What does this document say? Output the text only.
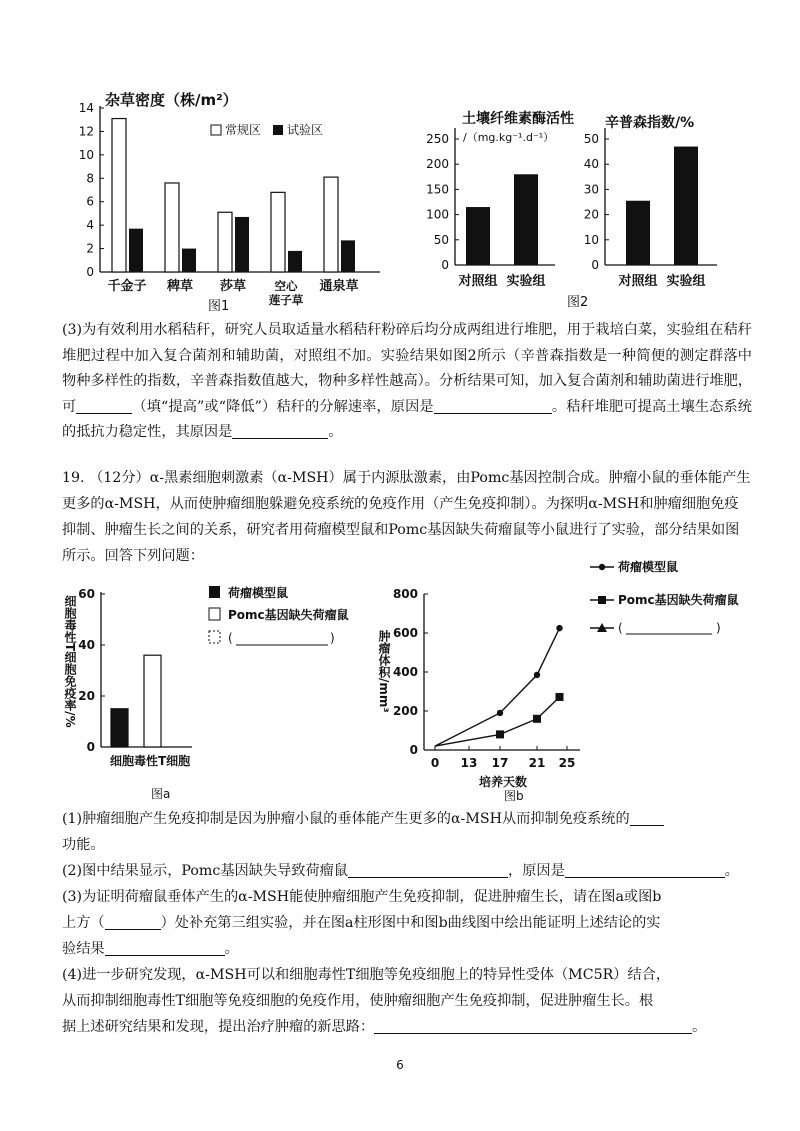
杂草密度（株/m²）
0
2
4
6
8
10
12
14
千金子 稗草 莎草 空心
莲子草
通泉草
常规区 试验区
图1
土壤纤维素酶活性
/（mg.kg⁻¹.d⁻¹）
0
50
100
150
200
250
对照组 实验组
辛普森指数/%
0
10
20
30
40
50
对照组 实验组
图2

(3)为有效利用水稻秸秆，研究人员取适量水稻秸秆粉碎后均分成两组进行堆肥，用于栽培白菜，实验组在秸秆堆肥过程中加入复合菌剂和辅助菌，对照组不加。实验结果如图2所示（辛普森指数是一种简便的测定群落中物种多样性的指数，辛普森指数值越大，物种多样性越高）。分析结果可知，加入复合菌剂和辅助菌进行堆肥，可	（填“提高”或“降低”）秸秆的分解速率，原因是	。秸秆堆肥可提高土壤生态系统的抵抗力稳定性，其原因是	。

19. （12分）α-黑素细胞刺激素（α-MSH）属于内源肽激素，由Pomc基因控制合成。肿瘤小鼠的垂体能产生更多的α-MSH，从而使肿瘤细胞躲避免疫系统的免疫作用（产生免疫抑制）。为探明α-MSH和肿瘤细胞免疫抑制、肿瘤生长之间的关系，研究者用荷瘤模型鼠和Pomc基因缺失荷瘤鼠等小鼠进行了实验，部分结果如图所示。回答下列问题：

细胞毒性T细胞免疫率/%
0
20
40
60
细胞毒性T细胞
图a
荷瘤模型鼠
Pomc基因缺失荷瘤鼠
(	)	肿瘤体积/mm³
0
200
400
600
800
0 13 17 21 25
培养天数
图b
荷瘤模型鼠
Pomc基因缺失荷瘤鼠
(	)

(1)肿瘤细胞产生免疫抑制是因为肿瘤小鼠的垂体能产生更多的α-MSH从而抑制免疫系统的

功能。

(2)图中结果显示，Pomc基因缺失导致荷瘤鼠	，原因是	。

(3)为证明荷瘤鼠垂体产生的α-MSH能使肿瘤细胞产生免疫抑制，促进肿瘤生长，请在图a或图b

上方（	）处补充第三组实验，并在图a柱形图中和图b曲线图中绘出能证明上述结论的实

验结果	。

(4)进一步研究发现，α-MSH可以和细胞毒性T细胞等免疫细胞上的特异性受体（MC5R）结合，

从而抑制细胞毒性T细胞等免疫细胞的免疫作用，使肿瘤细胞产生免疫抑制，促进肿瘤生长。根

据上述研究结果和发现，提出治疗肿瘤的新思路：	。

6
